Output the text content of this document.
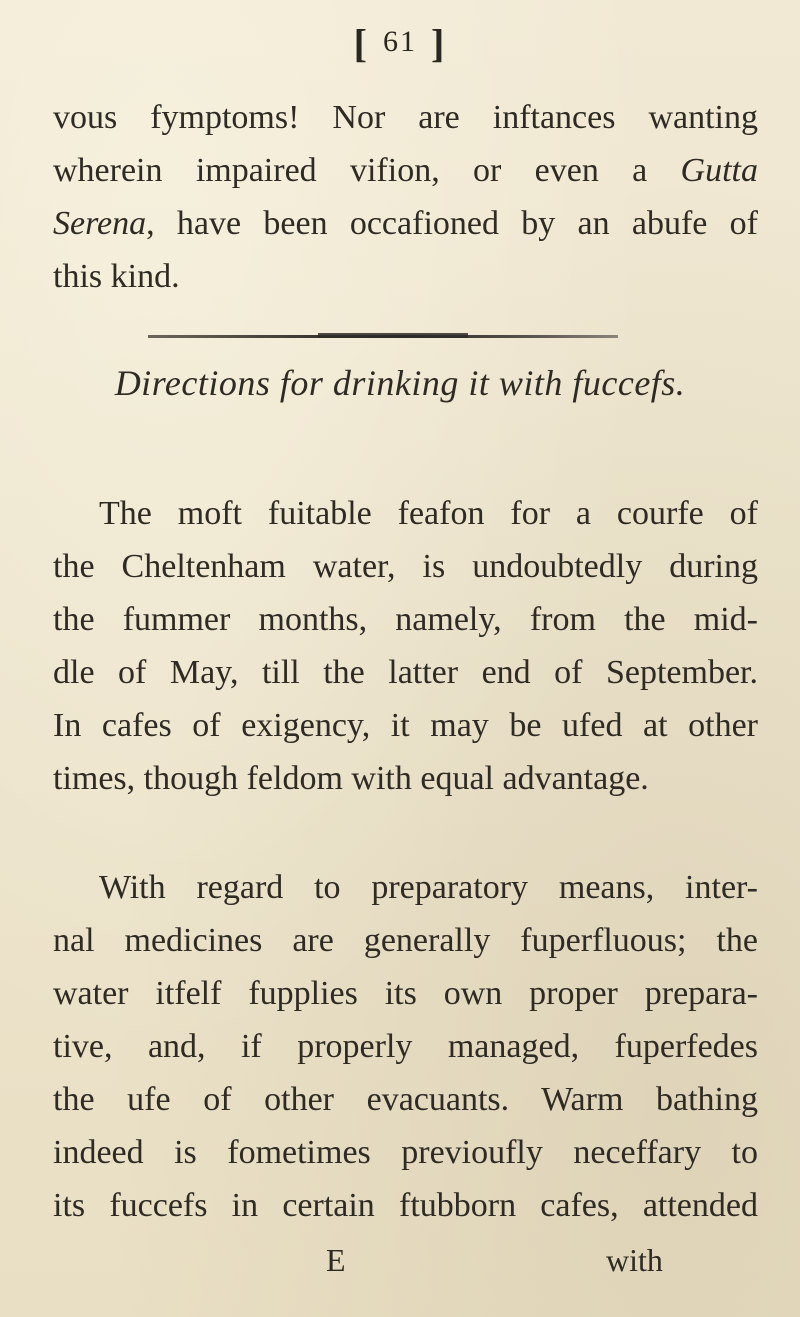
[ 61 ]
vous fymptoms! Nor are inftances wanting
wherein impaired vifion, or even a Gutta
Serena, have been occafioned by an abufe of
this kind.
Directions for drinking it with fuccefs.
The moft fuitable feafon for a courfe of
the Cheltenham water, is undoubtedly during
the fummer months, namely, from the mid-
dle of May, till the latter end of September.
In cafes of exigency, it may be ufed at other
times, though feldom with equal advantage.
With regard to preparatory means, inter-
nal medicines are generally fuperfluous; the
water itfelf fupplies its own proper prepara-
tive, and, if properly managed, fuperfedes
the ufe of other evacuants. Warm bathing
indeed is fometimes previoufly neceffary to
its fuccefs in certain ftubborn cafes, attended
E	with
